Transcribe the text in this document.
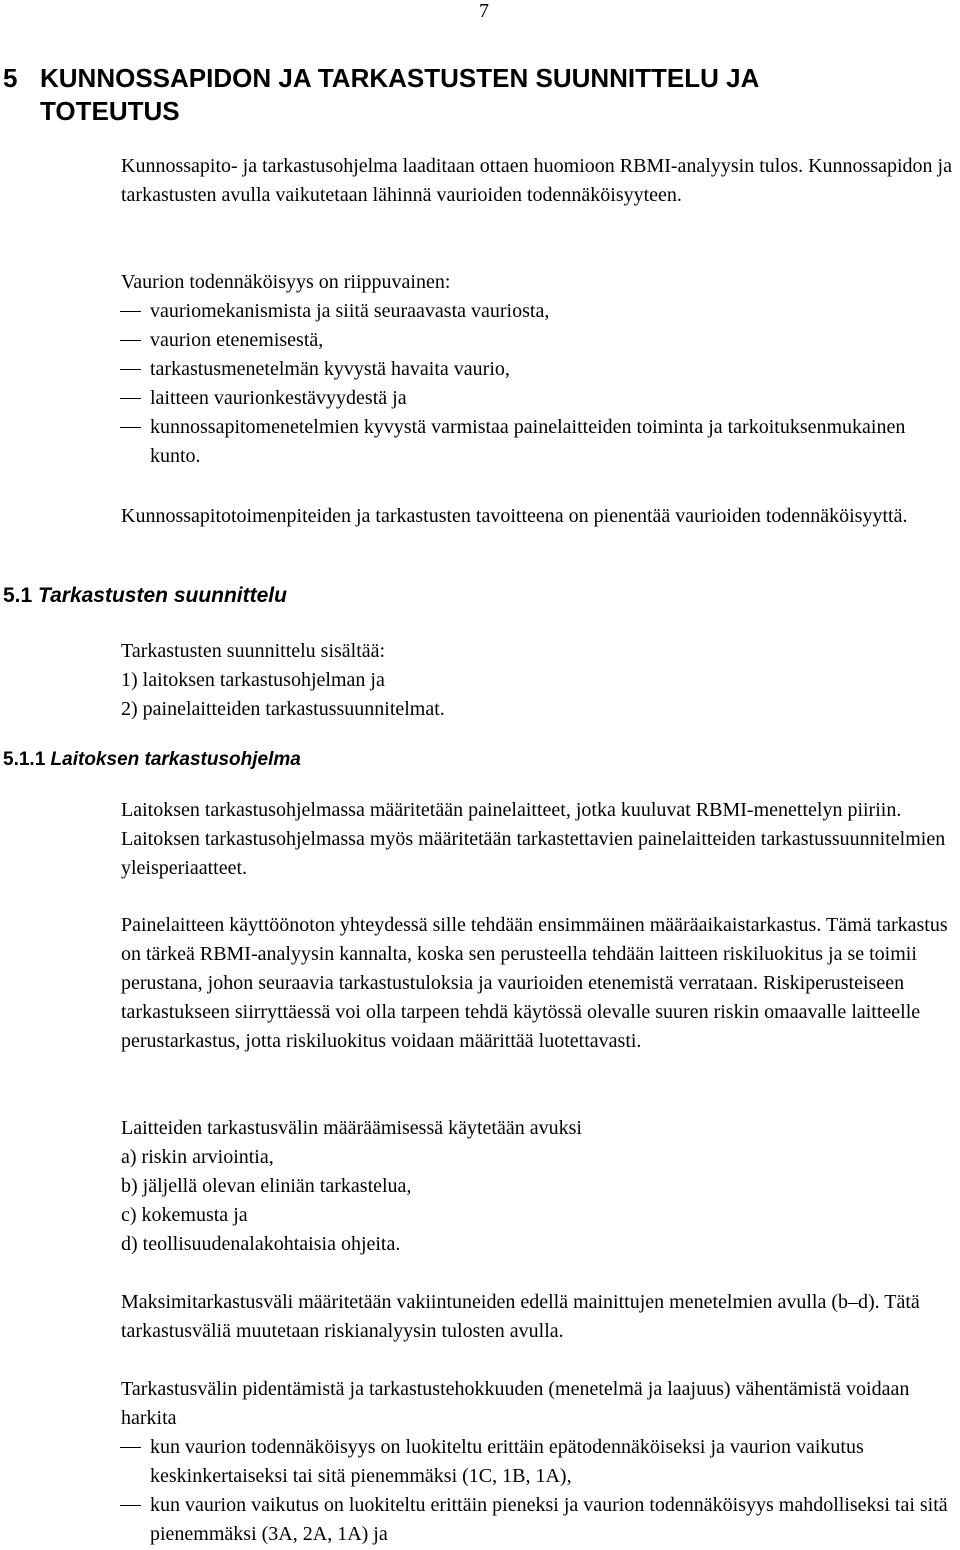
7
5 KUNNOSSAPIDON JA TARKASTUSTEN SUUNNITTELU JA
TOTEUTUS

Kunnossapito- ja tarkastusohjelma laaditaan ottaen huomioon RBMI-analyysin tulos. Kunnossapidon ja tarkastusten avulla vaikutetaan lähinnä vaurioiden todennäköisyyteen.

Vaurion todennäköisyys on riippuvainen:

vauriomekanismista ja siitä seuraavasta vauriosta,
vaurion etenemisestä,
tarkastusmenetelmän kyvystä havaita vaurio,
laitteen vaurionkestävyydestä ja
kunnossapitomenetelmien kyvystä varmistaa painelaitteiden toiminta ja tarkoituksenmukainen kunto.

Kunnossapitotoimenpiteiden ja tarkastusten tavoitteena on pienentää vaurioiden todennäköisyyttä.

5.1 Tarkastusten suunnittelu

Tarkastusten suunnittelu sisältää:

1) laitoksen tarkastusohjelman ja
2) painelaitteiden tarkastussuunnitelmat.
5.1.1 Laitoksen tarkastusohjelma

Laitoksen tarkastusohjelmassa määritetään painelaitteet, jotka kuuluvat RBMI-menettelyn piiriin. Laitoksen tarkastusohjelmassa myös määritetään tarkastettavien painelaitteiden tarkastussuunnitelmien yleisperiaatteet.

Painelaitteen käyttöönoton yhteydessä sille tehdään ensimmäinen määräaikaistarkastus. Tämä tarkastus on tärkeä RBMI-analyysin kannalta, koska sen perusteella tehdään laitteen riskiluokitus ja se toimii perustana, johon seuraavia tarkastustuloksia ja vaurioiden etenemistä verrataan. Riskiperusteiseen tarkastukseen siirryttäessä voi olla tarpeen tehdä käytössä olevalle suuren riskin omaavalle laitteelle perustarkastus, jotta riskiluokitus voidaan määrittää luotettavasti.

Laitteiden tarkastusvälin määräämisessä käytetään avuksi

a) riskin arviointia,
b) jäljellä olevan eliniän tarkastelua,
c) kokemusta ja
d) teollisuudenalakohtaisia ohjeita.

Maksimitarkastusväli määritetään vakiintuneiden edellä mainittujen menetelmien avulla (b–d). Tätä tarkastusväliä muutetaan riskianalyysin tulosten avulla.

Tarkastusvälin pidentämistä ja tarkastustehokkuuden (menetelmä ja laajuus) vähentämistä voidaan harkita

kun vaurion todennäköisyys on luokiteltu erittäin epätodennäköiseksi ja vaurion vaikutus keskinkertaiseksi tai sitä pienemmäksi (1C, 1B, 1A),
kun vaurion vaikutus on luokiteltu erittäin pieneksi ja vaurion todennäköisyys mahdolliseksi tai sitä pienemmäksi (3A, 2A, 1A) ja
